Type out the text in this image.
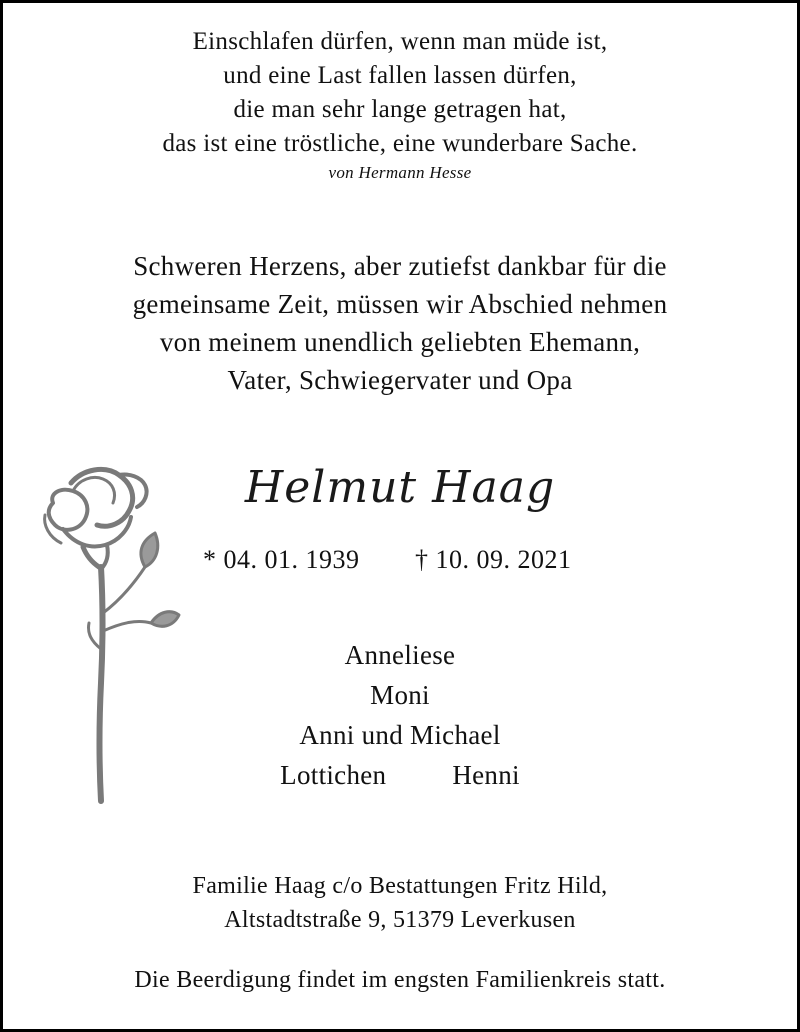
Einschlafen dürfen, wenn man müde ist,
und eine Last fallen lassen dürfen,
die man sehr lange getragen hat,
das ist eine tröstliche, eine wunderbare Sache.
von Hermann Hesse
Schweren Herzens, aber zutiefst dankbar für die
gemeinsame Zeit, müssen wir Abschied nehmen
von meinem unendlich geliebten Ehemann,
Vater, Schwiegervater und Opa
Helmut Haag
* 04. 01. 1939 † 10. 09. 2021
Anneliese
Moni
Anni und Michael
Lottichen Henni
Familie Haag c/o Bestattungen Fritz Hild,
Altstadtstraße 9, 51379 Leverkusen
Die Beerdigung findet im engsten Familienkreis statt.
